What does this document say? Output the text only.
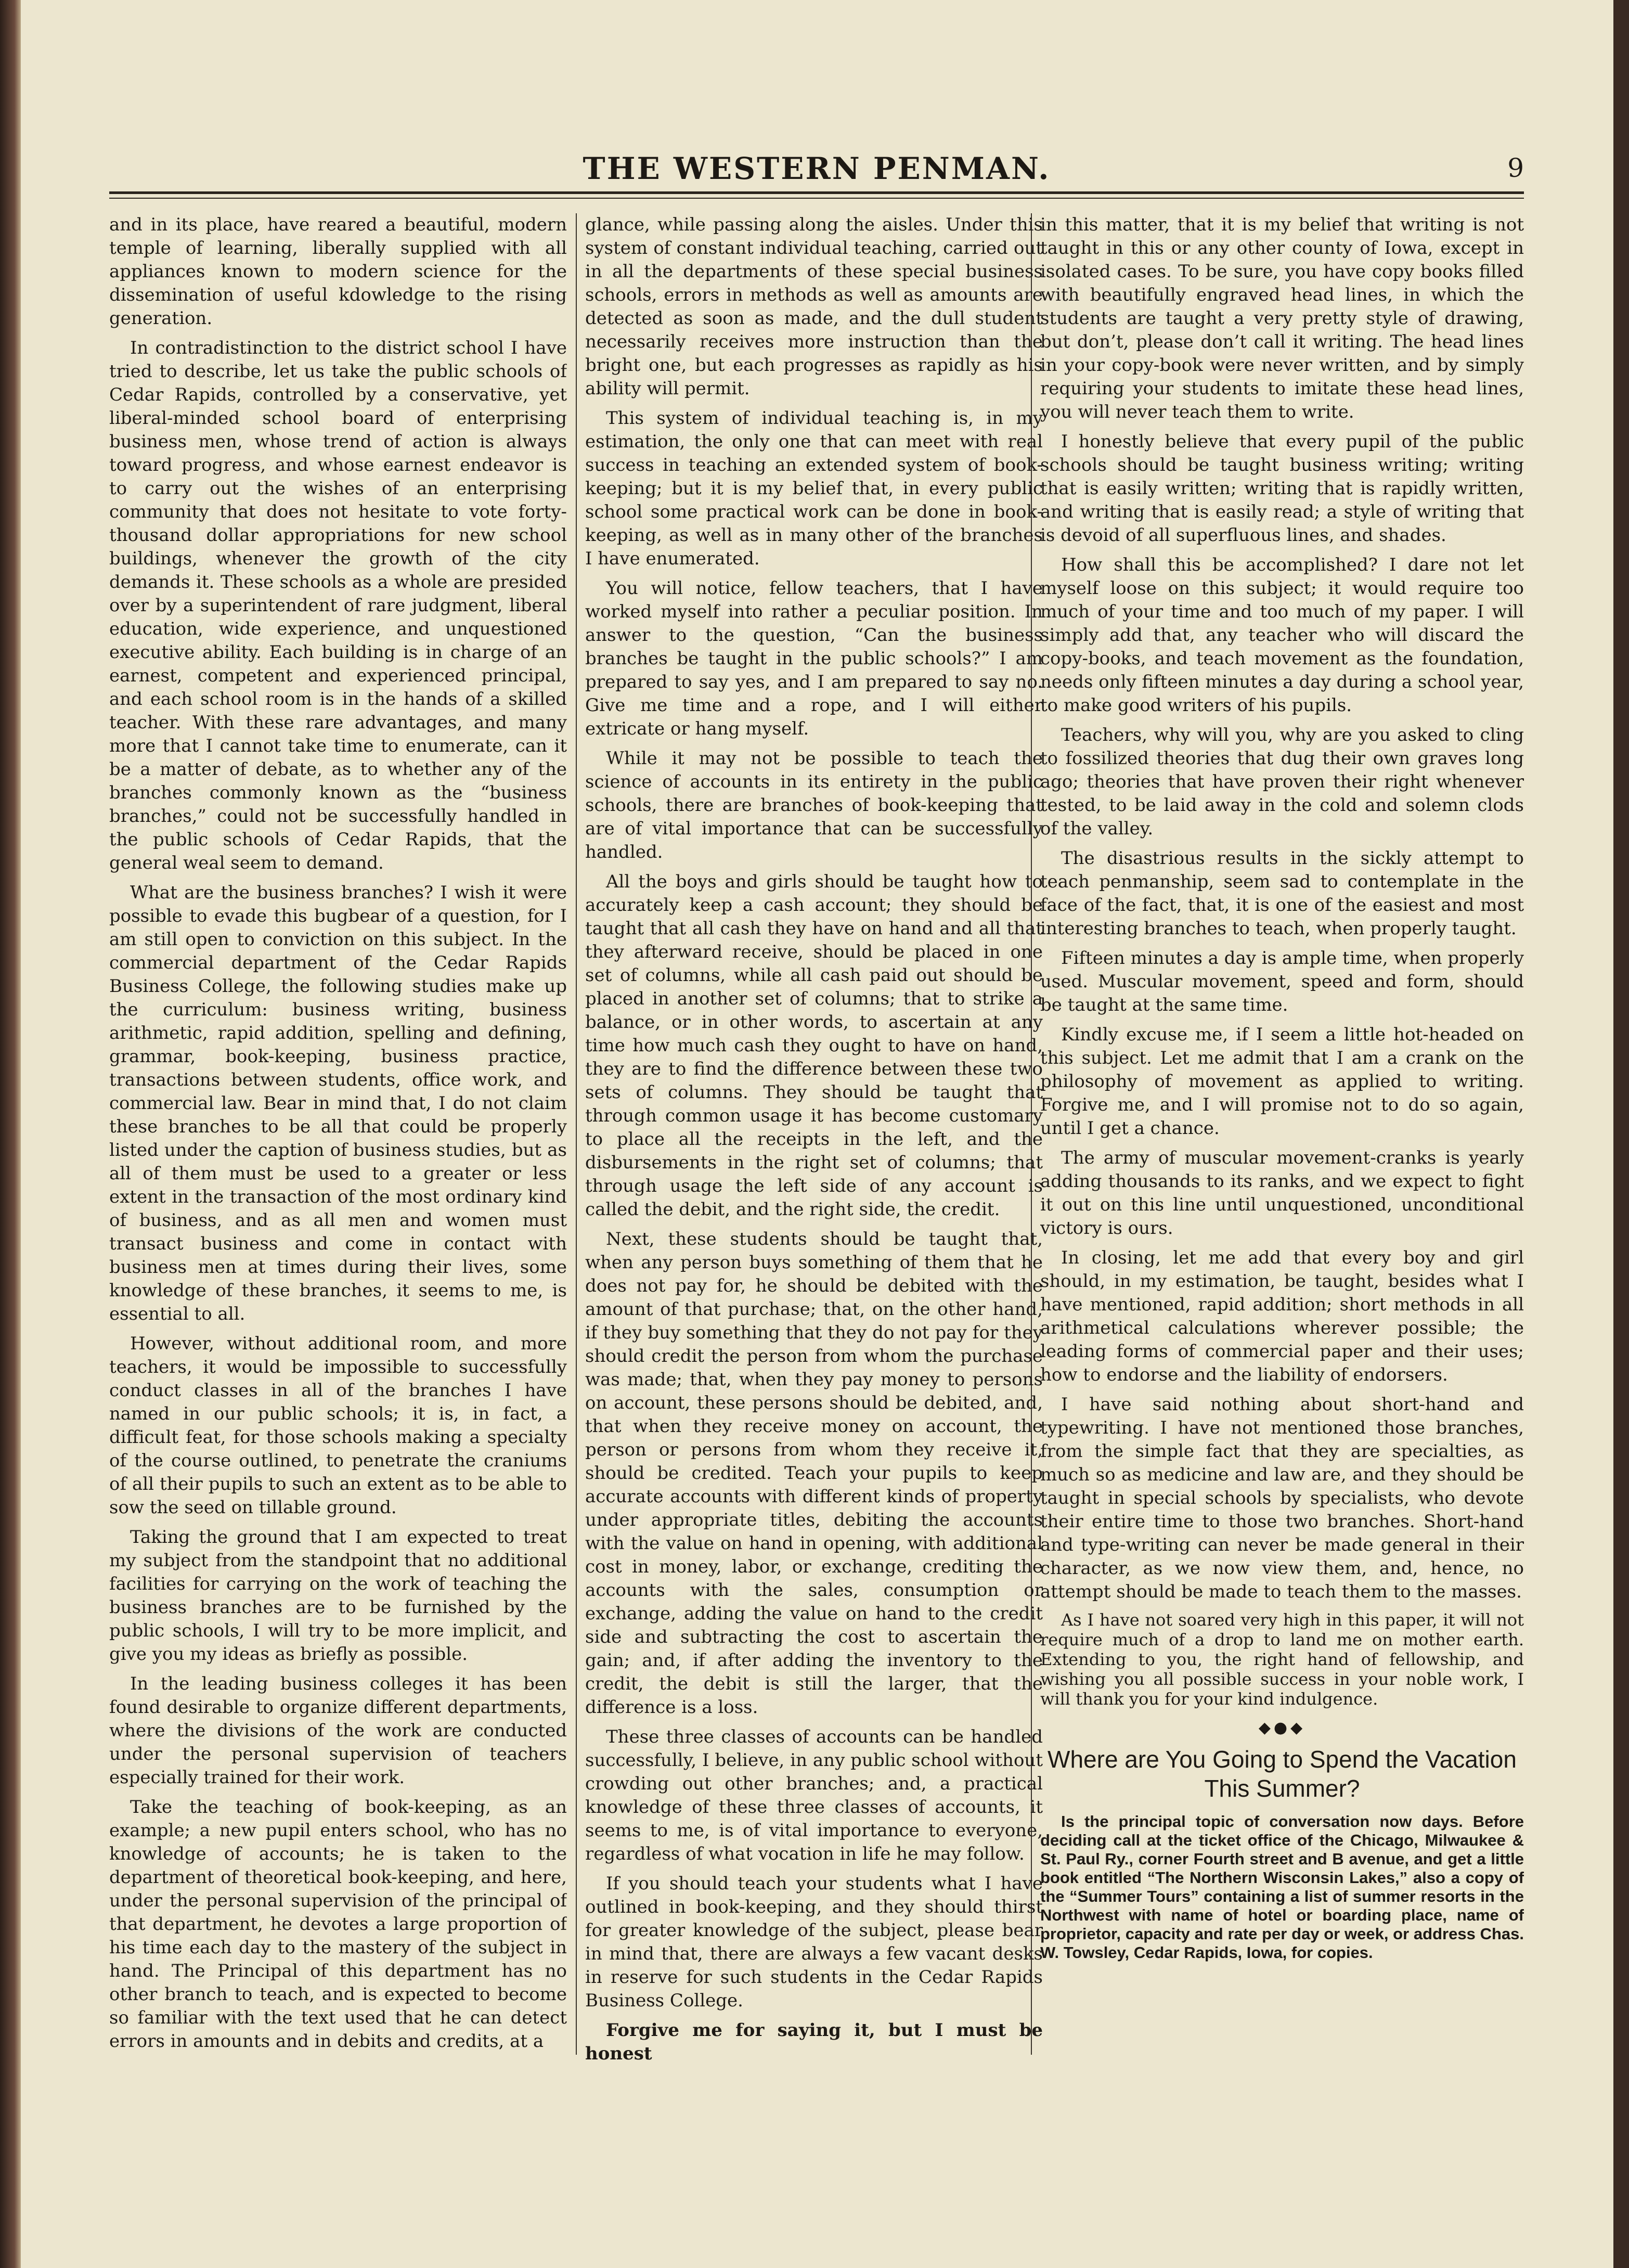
THE WESTERN PENMAN.	9

and in its place, have reared a beautiful, modern temple of learning, liberally supplied with all appliances known to modern science for the dissemination of useful kdowledge to the rising generation.

In contradistinction to the district school I have tried to describe, let us take the public schools of Cedar Rapids, controlled by a conservative, yet liberal-minded school board of enterprising business men, whose trend of action is always toward progress, and whose earnest endeavor is to carry out the wishes of an enterprising community that does not hesitate to vote forty-thousand dollar appropriations for new school buildings, whenever the growth of the city demands it. These schools as a whole are presided over by a superintendent of rare judgment, liberal education, wide experience, and unquestioned executive ability. Each building is in charge of an earnest, competent and experienced principal, and each school room is in the hands of a skilled teacher. With these rare advantages, and many more that I cannot take time to enumerate, can it be a matter of debate, as to whether any of the branches commonly known as the “business branches,” could not be successfully handled in the public schools of Cedar Rapids, that the general weal seem to demand.

What are the business branches? I wish it were possible to evade this bugbear of a question, for I am still open to conviction on this subject. In the commercial department of the Cedar Rapids Business College, the following studies make up the curriculum: business writing, business arithmetic, rapid addition, spelling and defining, grammar, book-keeping, business practice, transactions between students, office work, and commercial law. Bear in mind that, I do not claim these branches to be all that could be properly listed under the caption of business studies, but as all of them must be used to a greater or less extent in the transaction of the most ordinary kind of business, and as all men and women must transact business and come in contact with business men at times during their lives, some knowledge of these branches, it seems to me, is essential to all.

However, without additional room, and more teachers, it would be impossible to successfully conduct classes in all of the branches I have named in our public schools; it is, in fact, a difficult feat, for those schools making a specialty of the course outlined, to penetrate the craniums of all their pupils to such an extent as to be able to sow the seed on tillable ground.

Taking the ground that I am expected to treat my subject from the standpoint that no additional facilities for carrying on the work of teaching the business branches are to be furnished by the public schools, I will try to be more implicit, and give you my ideas as briefly as possible.

In the leading business colleges it has been found desirable to organize different departments, where the divisions of the work are conducted under the personal supervision of teachers especially trained for their work.

Take the teaching of book-keeping, as an example; a new pupil enters school, who has no knowledge of accounts; he is taken to the department of theoretical book-keeping, and here, under the personal supervision of the principal of that department, he devotes a large proportion of his time each day to the mastery of the subject in hand. The Principal of this department has no other branch to teach, and is expected to become so familiar with the text used that he can detect errors in amounts and in debits and credits, at a

glance, while passing along the aisles. Under this system of constant individual teaching, carried out in all the departments of these special business schools, errors in methods as well as amounts are detected as soon as made, and the dull student necessarily receives more instruction than the bright one, but each progresses as rapidly as his ability will permit.

This system of individual teaching is, in my estimation, the only one that can meet with real success in teaching an extended system of book-keeping; but it is my belief that, in every public school some practical work can be done in book-keeping, as well as in many other of the branches I have enumerated.

You will notice, fellow teachers, that I have worked myself into rather a peculiar position. In answer to the question, “Can the business branches be taught in the public schools?” I am prepared to say yes, and I am prepared to say no. Give me time and a rope, and I will either extricate or hang myself.

While it may not be possible to teach the science of accounts in its entirety in the public schools, there are branches of book-keeping that are of vital importance that can be successfully handled.

All the boys and girls should be taught how to accurately keep a cash account; they should be taught that all cash they have on hand and all that they afterward receive, should be placed in one set of columns, while all cash paid out should be placed in another set of columns; that to strike a balance, or in other words, to ascertain at any time how much cash they ought to have on hand, they are to find the difference between these two sets of columns. They should be taught that through common usage it has become customary to place all the receipts in the left, and the disbursements in the right set of columns; that through usage the left side of any account is called the debit, and the right side, the credit.

Next, these students should be taught that, when any person buys something of them that he does not pay for, he should be debited with the amount of that purchase; that, on the other hand, if they buy something that they do not pay for they should credit the person from whom the purchase was made; that, when they pay money to persons on account, these persons should be debited, and, that when they receive money on account, the person or persons from whom they receive it, should be credited. Teach your pupils to keep accurate accounts with different kinds of property under appropriate titles, debiting the accounts with the value on hand in opening, with additional cost in money, labor, or exchange, crediting the accounts with the sales, consumption or exchange, adding the value on hand to the credit side and subtracting the cost to ascertain the gain; and, if after adding the inventory to the credit, the debit is still the larger, that the difference is a loss.

These three classes of accounts can be handled successfully, I believe, in any public school without crowding out other branches; and, a practical knowledge of these three classes of accounts, it seems to me, is of vital importance to everyone, regardless of what vocation in life he may follow.

If you should teach your students what I have outlined in book-keeping, and they should thirst for greater knowledge of the subject, please bear in mind that, there are always a few vacant desks in reserve for such students in the Cedar Rapids Business College.

Forgive me for saying it, but I must be honest

in this matter, that it is my belief that writing is not taught in this or any other county of Iowa, except in isolated cases. To be sure, you have copy books filled with beautifully engraved head lines, in which the students are taught a very pretty style of drawing, but don’t, please don’t call it writing. The head lines in your copy-book were never written, and by simply requiring your students to imitate these head lines, you will never teach them to write.

I honestly believe that every pupil of the public schools should be taught business writing; writing that is easily written; writing that is rapidly written, and writing that is easily read; a style of writing that is devoid of all superfluous lines, and shades.

How shall this be accomplished? I dare not let myself loose on this subject; it would require too much of your time and too much of my paper. I will simply add that, any teacher who will discard the copy-books, and teach movement as the foundation, needs only fifteen minutes a day during a school year, to make good writers of his pupils.

Teachers, why will you, why are you asked to cling to fossilized theories that dug their own graves long ago; theories that have proven their right whenever tested, to be laid away in the cold and solemn clods of the valley.

The disastrious results in the sickly attempt to teach penmanship, seem sad to contemplate in the face of the fact, that, it is one of the easiest and most interesting branches to teach, when properly taught.

Fifteen minutes a day is ample time, when properly used. Muscular movement, speed and form, should be taught at the same time.

Kindly excuse me, if I seem a little hot-headed on this subject. Let me admit that I am a crank on the philosophy of movement as applied to writing. Forgive me, and I will promise not to do so again, until I get a chance.

The army of muscular movement-cranks is yearly adding thousands to its ranks, and we expect to fight it out on this line until unquestioned, unconditional victory is ours.

In closing, let me add that every boy and girl should, in my estimation, be taught, besides what I have mentioned, rapid addition; short methods in all arithmetical calculations wherever possible; the leading forms of commercial paper and their uses; how to endorse and the liability of endorsers.

I have said nothing about short-hand and typewriting. I have not mentioned those branches, from the simple fact that they are specialties, as much so as medicine and law are, and they should be taught in special schools by specialists, who devote their entire time to those two branches. Short-hand and type-writing can never be made general in their character, as we now view them, and, hence, no attempt should be made to teach them to the masses.

As I have not soared very high in this paper, it will not require much of a drop to land me on mother earth. Extending to you, the right hand of fellowship, and wishing you all possible success in your noble work, I will thank you for your kind indulgence.

◆●◆
Where are You Going to Spend the Vacation This Summer?

Is the principal topic of conversation now days. Before deciding call at the ticket office of the Chicago, Milwaukee & St. Paul Ry., corner Fourth street and B avenue, and get a little book entitled “The Northern Wisconsin Lakes,” also a copy of the “Summer Tours” containing a list of summer resorts in the Northwest with name of hotel or boarding place, name of proprietor, capacity and rate per day or week, or address Chas. W. Towsley, Cedar Rapids, Iowa, for copies.
